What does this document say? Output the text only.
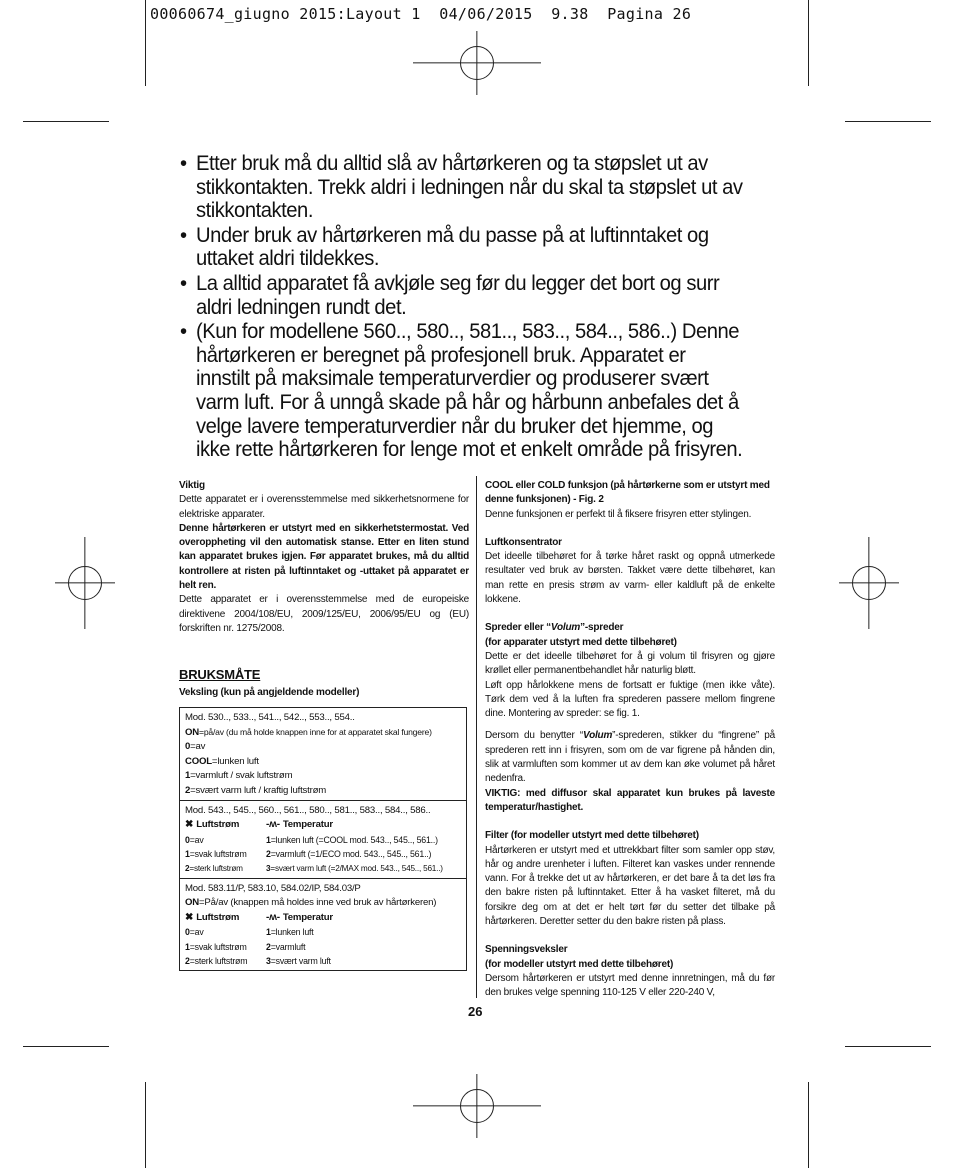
00060674_giugno 2015:Layout 1  04/06/2015  9.38  Pagina 26
• Etter bruk må du alltid slå av hårtørkeren og ta støpslet ut av stikkontakten. Trekk aldri i ledningen når du skal ta støpslet ut av stikkontakten.
• Under bruk av hårtørkeren må du passe på at luftinntaket og uttaket aldri tildekkes.
• La alltid apparatet få avkjøle seg før du legger det bort og surr aldri ledningen rundt det.
• (Kun for modellene 560.., 580.., 581.., 583.., 584.., 586..) Denne hårtørkeren er beregnet på profesjonell bruk. Apparatet er innstilt på maksimale temperaturverdier og produserer svært varm luft. For å unngå skade på hår og hårbunn anbefales det å velge lavere temperaturverdier når du bruker det hjemme, og ikke rette hårtørkeren for lenge mot et enkelt område på frisyren.

Viktig

Dette apparatet er i overensstemmelse med sikkerhetsnormene for elektriske apparater.

Denne hårtørkeren er utstyrt med en sikkerhetstermostat. Ved overoppheting vil den automatisk stanse. Etter en liten stund kan apparatet brukes igjen. Før apparatet brukes, må du alltid kontrollere at risten på luftinntaket og -uttaket på apparatet er helt ren.

Dette apparatet er i overensstemmelse med de europeiske direktivene 2004/108/EU, 2009/125/EU, 2006/95/EU og (EU) forskriften nr. 1275/2008.

BRUKSMÅTE

Veksling (kun på angjeldende modeller)

Mod. 530.., 533.., 541.., 542.., 553.., 554..
ON=på/av (du må holde knappen inne for at apparatet skal fungere)
0=av
COOL=lunken luft
1=varmluft / svak luftstrøm
2=svært varm luft / kraftig luftstrøm
Mod. 543.., 545.., 560.., 561.., 580.., 581.., 583.., 584.., 586..
✖ Luftstrøm	-ʍ- Temperatur
0=av	1=lunken luft (=COOL mod. 543.., 545.., 561..)
1=svak luftstrøm	2=varmluft (=1/ECO mod. 543.., 545.., 561..)
2=sterk luftstrøm	3=svært varm luft (=2/MAX mod. 543.., 545.., 561..)
Mod. 583.11/P, 583.10, 584.02/IP, 584.03/P
ON=På/av (knappen må holdes inne ved bruk av hårtørkeren)
✖ Luftstrøm	-ʍ- Temperatur
0=av	1=lunken luft
1=svak luftstrøm	2=varmluft
2=sterk luftstrøm	3=svært varm luft

COOL eller COLD funksjon (på hårtørkerne som er utstyrt med denne funksjonen) - Fig. 2

Denne funksjonen er perfekt til å fiksere frisyren etter stylingen.

Luftkonsentrator

Det ideelle tilbehøret for å tørke håret raskt og oppnå utmerkede resultater ved bruk av børsten. Takket være dette tilbehøret, kan man rette en presis strøm av varm- eller kaldluft på de enkelte lokkene.

Spreder eller “Volum”-spreder

(for apparater utstyrt med dette tilbehøret)

Dette er det ideelle tilbehøret for å gi volum til frisyren og gjøre krøllet eller permanentbehandlet hår naturlig bløtt.

Løft opp hårlokkene mens de fortsatt er fuktige (men ikke våte). Tørk dem ved å la luften fra sprederen passere mellom fingrene dine. Montering av spreder: se fig. 1.

Dersom du benytter “Volum”-sprederen, stikker du “fingrene” på sprederen rett inn i frisyren, som om de var figrene på hånden din, slik at varmluften som kommer ut av dem kan øke volumet på håret nedenfra.

VIKTIG: med diffusor skal apparatet kun brukes på laveste temperatur/hastighet.

Filter (for modeller utstyrt med dette tilbehøret)

Hårtørkeren er utstyrt med et uttrekkbart filter som samler opp støv, hår og andre urenheter i luften. Filteret kan vaskes under rennende vann. For å trekke det ut av hårtørkeren, er det bare å ta det løs fra den bakre risten på luftinntaket. Etter å ha vasket filteret, må du forsikre deg om at det er helt tørt før du setter det tilbake på hårtørkeren. Deretter setter du den bakre risten på plass.

Spenningsveksler

(for modeller utstyrt med dette tilbehøret)

Dersom hårtørkeren er utstyrt med denne innretningen, må du før den brukes velge spenning 110-125 V eller 220-240 V,

26
